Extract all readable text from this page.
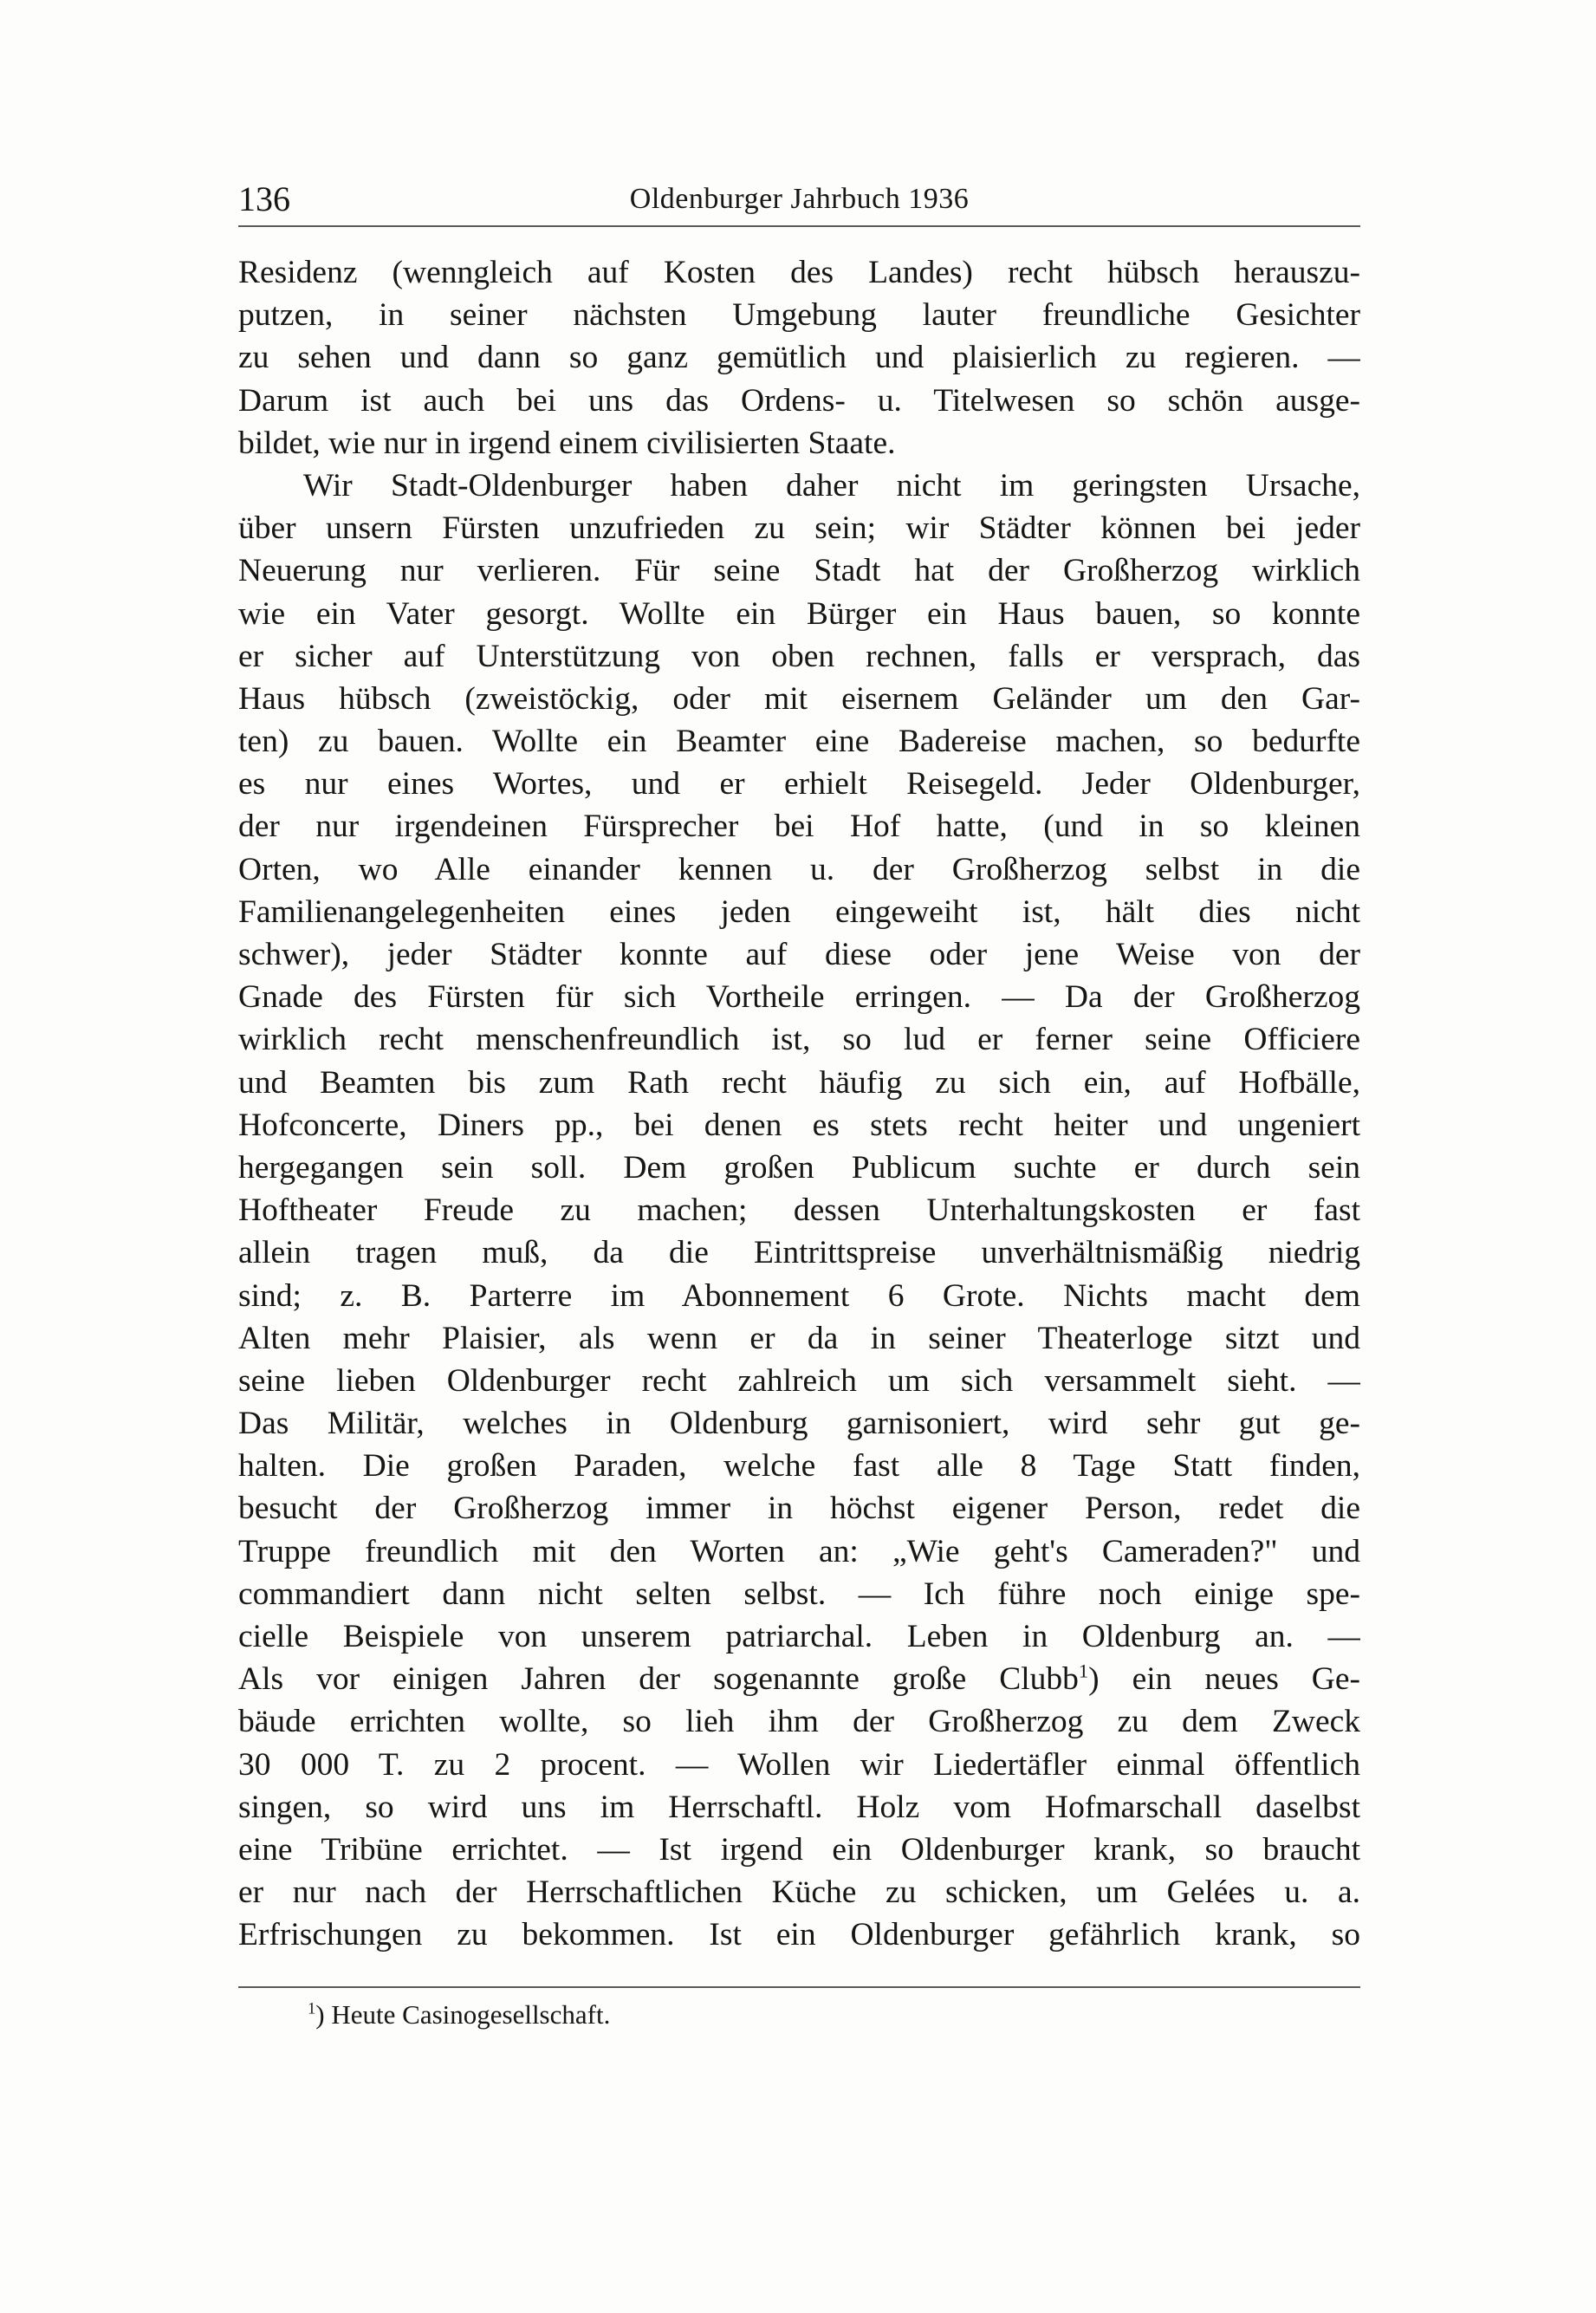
136	Oldenburger Jahrbuch 1936
Residenz (wenngleich auf Kosten des Landes) recht hübsch herauszu-
putzen, in seiner nächsten Umgebung lauter freundliche Gesichter
zu sehen und dann so ganz gemütlich und plaisierlich zu regieren. —
Darum ist auch bei uns das Ordens- u. Titelwesen so schön ausge-
bildet, wie nur in irgend einem civilisierten Staate.
Wir Stadt-Oldenburger haben daher nicht im geringsten Ursache,
über unsern Fürsten unzufrieden zu sein; wir Städter können bei jeder
Neuerung nur verlieren. Für seine Stadt hat der Großherzog wirklich
wie ein Vater gesorgt. Wollte ein Bürger ein Haus bauen, so konnte
er sicher auf Unterstützung von oben rechnen, falls er versprach, das
Haus hübsch (zweistöckig, oder mit eisernem Geländer um den Gar-
ten) zu bauen. Wollte ein Beamter eine Badereise machen, so bedurfte
es nur eines Wortes, und er erhielt Reisegeld. Jeder Oldenburger,
der nur irgendeinen Fürsprecher bei Hof hatte, (und in so kleinen
Orten, wo Alle einander kennen u. der Großherzog selbst in die
Familienangelegenheiten eines jeden eingeweiht ist, hält dies nicht
schwer), jeder Städter konnte auf diese oder jene Weise von der
Gnade des Fürsten für sich Vortheile erringen. — Da der Großherzog
wirklich recht menschenfreundlich ist, so lud er ferner seine Officiere
und Beamten bis zum Rath recht häufig zu sich ein, auf Hofbälle,
Hofconcerte, Diners pp., bei denen es stets recht heiter und ungeniert
hergegangen sein soll. Dem großen Publicum suchte er durch sein
Hoftheater Freude zu machen; dessen Unterhaltungskosten er fast
allein tragen muß, da die Eintrittspreise unverhältnismäßig niedrig
sind; z. B. Parterre im Abonnement 6 Grote. Nichts macht dem
Alten mehr Plaisier, als wenn er da in seiner Theaterloge sitzt und
seine lieben Oldenburger recht zahlreich um sich versammelt sieht. —
Das Militär, welches in Oldenburg garnisoniert, wird sehr gut ge-
halten. Die großen Paraden, welche fast alle 8 Tage Statt finden,
besucht der Großherzog immer in höchst eigener Person, redet die
Truppe freundlich mit den Worten an: „Wie geht's Cameraden?" und
commandiert dann nicht selten selbst. — Ich führe noch einige spe-
cielle Beispiele von unserem patriarchal. Leben in Oldenburg an. —
Als vor einigen Jahren der sogenannte große Clubb$^1$) ein neues Ge-
bäude errichten wollte, so lieh ihm der Großherzog zu dem Zweck
30 000 T. zu 2 procent. — Wollen wir Liedertäfler einmal öffentlich
singen, so wird uns im Herrschaftl. Holz vom Hofmarschall daselbst
eine Tribüne errichtet. — Ist irgend ein Oldenburger krank, so braucht
er nur nach der Herrschaftlichen Küche zu schicken, um Gelées u. a.
Erfrischungen zu bekommen. Ist ein Oldenburger gefährlich krank, so
$^1$) Heute Casinogesellschaft.
